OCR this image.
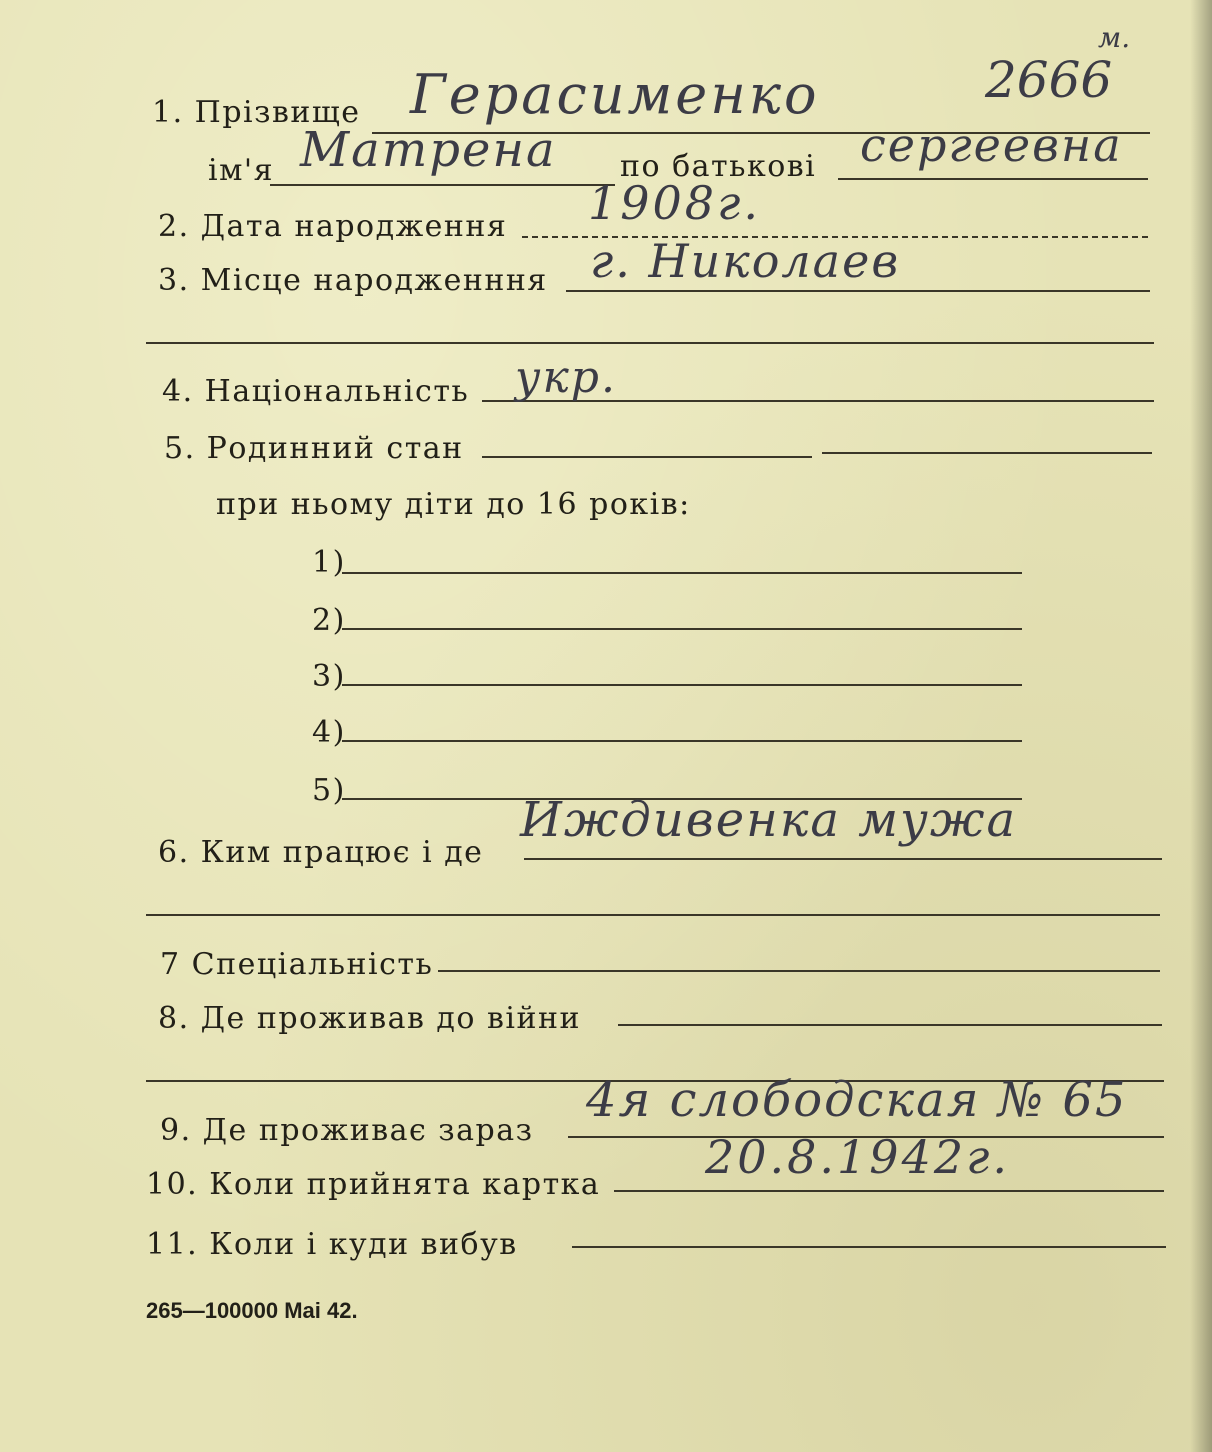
1. Прізвище Герасименко	2666
м.
ім'я Матрена по батькові сергеевна
2. Дата народження 1908г.
3. Місце народженння г. Николаев
4. Національність укр.
5. Родинний стан
при ньому діти до 16 років:
1)
2)
3)
4)
5)
6. Ким працює і де
Иждивенка мужа
7 Спеціальність
8. Де проживав до війни
9. Де проживає зараз
4я слободская № 65
10. Коли прийнята картка
20.8.1942г.
11. Коли і куди вибув
265—100000 Mai 42.
